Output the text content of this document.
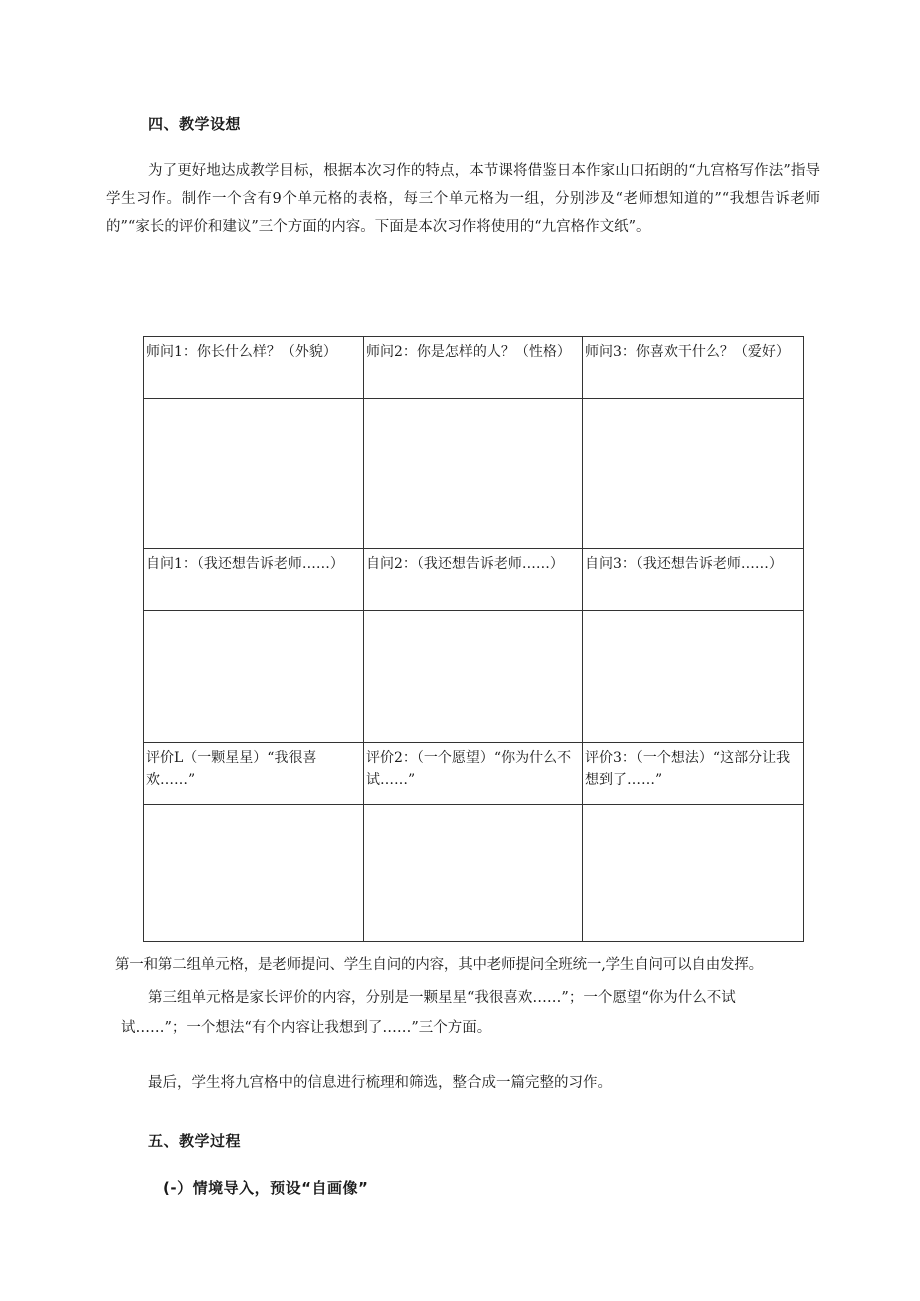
四、教学设想

为了更好地达成教学目标，根据本次习作的特点，本节课将借鉴日本作家山口拓朗的“九宫格写作法”指导学生习作。制作一个含有9个单元格的表格，每三个单元格为一组，分别涉及“老师想知道的”“我想告诉老师的”“家长的评价和建议”三个方面的内容。下面是本次习作将使用的“九宫格作文纸”。

师问1：你长什么样？（外貌）	师问2：你是怎样的人？（性格）	师问3：你喜欢干什么？（爱好）

自问1：（我还想告诉老师……）	自问2：（我还想告诉老师……）	自问3：（我还想告诉老师……）

评价L（一颗星星）“我很喜欢……”	评价2：（一个愿望）“你为什么不试……”	评价3：（一个想法）“这部分让我想到了……”

第一和第二组单元格，是老师提问、学生自问的内容，其中老师提问全班统一,学生自问可以自由发挥。

第三组单元格是家长评价的内容，分别是一颗星星“我很喜欢……”；一个愿望“你为什么不试

试……”；一个想法“有个内容让我想到了……”三个方面。

最后，学生将九宫格中的信息进行梳理和筛选，整合成一篇完整的习作。

五、教学过程
(-）情境导入，预设“自画像”
